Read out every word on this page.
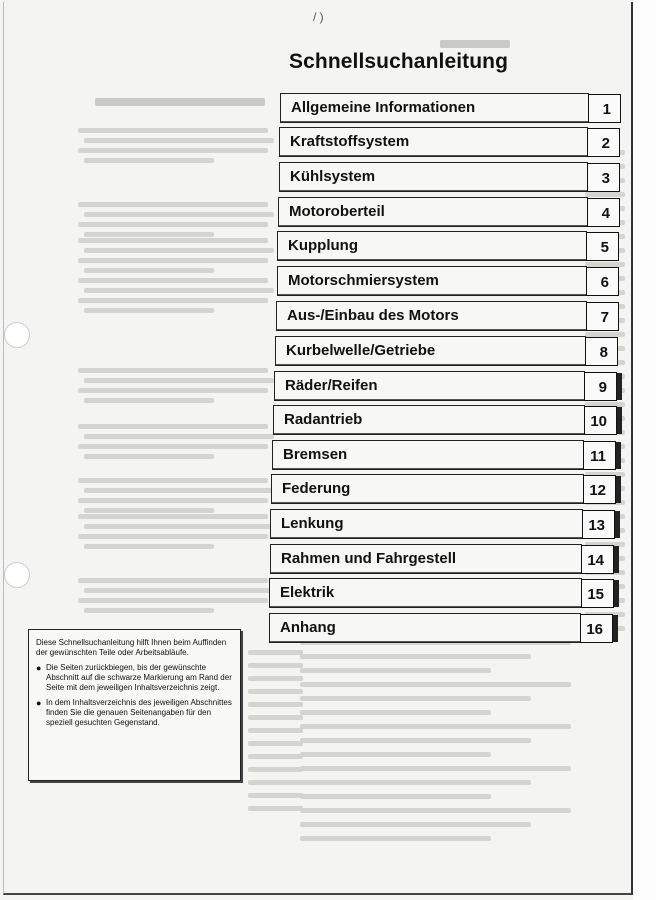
/ )
Schnellsuchanleitung
Allgemeine Informationen	1
Kraftstoffsystem	2
Kühlsystem	3
Motoroberteil	4
Kupplung	5
Motorschmiersystem	6
Aus-/Einbau des Motors	7
Kurbelwelle/Getriebe	8
Räder/Reifen	9
Radantrieb	10
Bremsen	11
Federung	12
Lenkung	13
Rahmen und Fahrgestell	14
Elektrik	15
Anhang	16

Diese Schnellsuchanleitung hilft Ihnen beim Auffinden der gewünschten Teile oder Arbeitsabläufe.

● Die Seiten zurückbiegen, bis der gewünschte Abschnitt auf die schwarze Markierung am Rand der Seite mit dem jeweiligen Inhaltsverzeichnis zeigt.
● In dem Inhaltsverzeichnis des jeweiligen Abschnittes finden Sie die genauen Seitenangaben für den speziell gesuchten Gegenstand.
